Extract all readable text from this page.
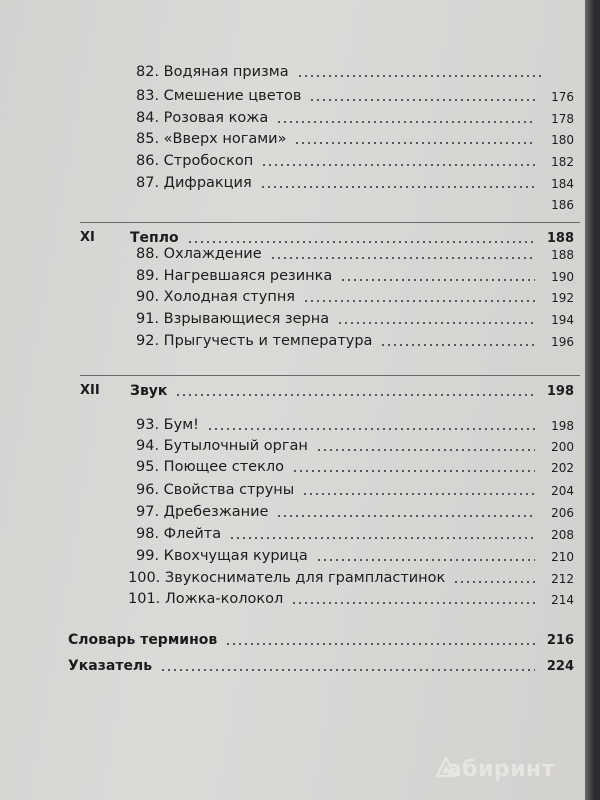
82. Водяная призма
83. Смешение цветов	176
84. Розовая кожа	178
85. «Вверх ногами»	180
86. Стробоскоп	182
87. Дифракция	184
186
XI	Тепло	188
88. Охлаждение	188
89. Нагревшаяся резинка	190
90. Холодная ступня	192
91. Взрывающиеся зерна	194
92. Прыгучесть и температура	196
XII Звук	198
93. Бум!	198
94. Бутылочный орган	200
95. Поющее стекло	202
96. Свойства струны	204
97. Дребезжание	206
98. Флейта	208
99. Квохчущая курица	210
100. Звукосниматель для грампластинок	212
101. Ложка-колокол	214
Словарь терминов	216
Указатель	224
абиринт
